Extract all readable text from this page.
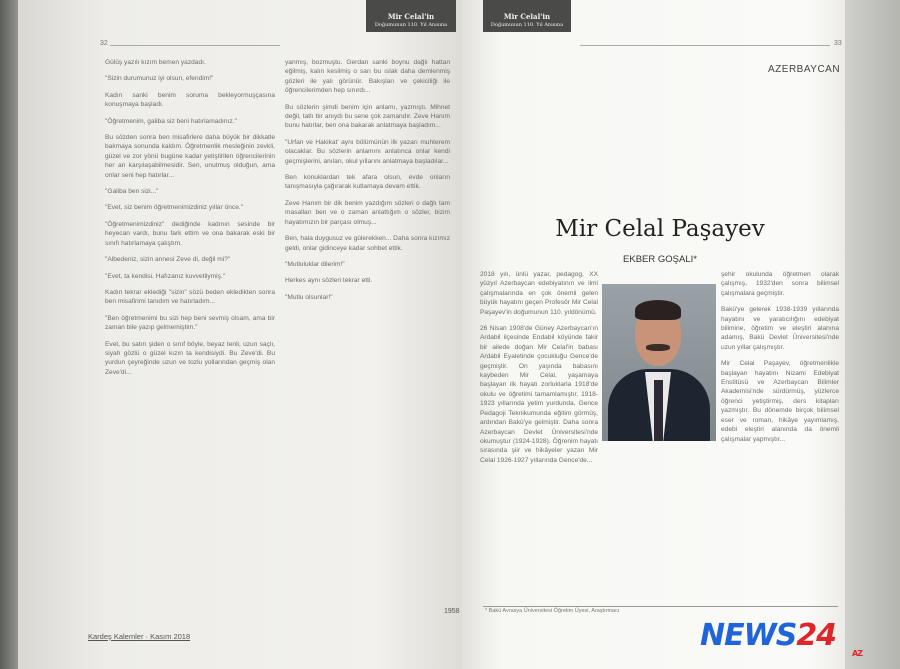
Mir Celal'in
Doğumunun 110. Yıl Anısına
Mir Celal'in
Doğumunun 110. Yıl Anısına
32	33

Gülüş yazılı kızım bemen yazdadı.

"Sizin durumunuz iyi olsun, efendim!"

Kadın sanki benim soruma bekleyormuşçasına konuşmaya başladı.

"Öğretmenim, galiba siz beni hatırlamadınız."

Bu sözden sonra ben misafirlere daha büyük bir dikkatle bakmaya sonunda kaldım. Öğretmenlik mesleğinin zevkli, güzel ve zor yönü bugüne kadar yetiştirilen öğrencilerinin her an karşılaşabilmesidir. Sen, unutmuş olduğun, ama onlar seni hep hatırlar...

"Galiba ben sizi..."

"Evet, siz benim öğretmenimizdiniz yıllar önce."

"Öğretmenimizdiniz" dediğinde kadının sesinde bir heyecan vardı, bunu fark ettim ve ona bakarak eski bir sınıfı hatırlamaya çalıştım.

"Albedeniz, sizin annesi Zeve di, değil mi?"

"Evet, ta kendisi. Hafızanız kuvvetliymiş."

Kadın tekrar eklediği "sizin" sözü beden ekledikten sonra ben misafirimi tanıdım ve hatırladım...

"Ben öğretmenimi bu sizi hep beni sevmiş olsam, ama bir zaman bile yazıp gelmemiştim."

Evet, bu satırı şiden o sınıf böyle, beyaz tenli, uzun saçlı, siyah gözlü o güzel kızın ta kendisiydi. Bu Zeve'di. Bu yurdun çeyreğinde uzun ve tozlu yollarından geçmiş olan Zeve'di...

yanmış, bozmuştu. Gerdan sanki boynu dağlı hattan eğilmiş, kalın kesilmiş o sarı bu ıslak daha demlenmiş gözleri ile yalı görünür. Bakışları ve çekiciliği ile öğrencilerimden hep sınırdı...

Bu sözlerin şimdi benim için anlamı, yazmıştı. Mihnet değil, tatlı bir anıydı bu sene çok zamandır. Zeve Hanım bunu hatırlar, ben ona bakarak anlatmaya başladım...

"Urfan ve Hakikat' aynı bölümünün ilk yazarı muhterem olacaklar. Bu sözlerin anlamını anlatınca onlar kendi geçmişlerini, anıları, okul yıllarını anlatmaya başladılar...

Ben konuklardan tek afara olsun, evde onların tanışmasıyla çağırarak kutlamaya devam ettik.

Zeve Hanım bir dik benim yazdığım sözleri o dağlı tam masalları ben ve o zaman anlattığım o sözler, bizim hayatımızın bir parçası olmuş...

Ben, hala duygusuz ve gülerekken... Daha sonra kızımız geldi, onlar gidinceye kadar sohbet ettik.

"Mutluluklar dilerim!"

Herkes aynı sözleri tekrar etti.

"Mutlu olsunlar!"

AZERBAYCAN
Mir Celal Paşayev
EKBER GOŞALI*

2018 yılı, ünlü yazar, pedagog, XX yüzyıl Azerbaycan edebiyatının ve ilmi çalışmalarında en çok önemli gelen büyük hayatını geçen Profesör Mir Celal Paşayev'in doğumunun 110. yıldönümü.

26 Nisan 1908'de Güney Azerbaycan'ın Ardabil ilçesinde Endabil köyünde fakir bir ailede doğan Mir Celal'in babası Ardabil Eyaletinde çocukluğu Gence'de geçmiştir. On yaşında babasını kaybeden Mir Celal, yaşamaya başlayan ilk hayatı zorluklarla 1918'de okulu ve öğretimi tamamlamıştır. 1918-1923 yıllarında yetim yurdunda, Gence Pedagoji Teknikumunda eğitim görmüş, ardından Bakü'ye gelmiştir. Daha sonra Azerbaycan Devlet Üniversitesi'nde okumuştur (1924-1928). Öğrenim hayatı sırasında şiir ve hikâyeler yazan Mir Celal 1926-1927 yıllarında Gence'de...

şehir okulunda öğretmen olarak çalışmış, 1932'den sonra bilimsel çalışmalara geçmiştir.

Bakü'ye gelerek 1938-1939 yıllarında hayatını ve yaratıcılığını edebiyat bilimine, öğretim ve eleştiri alanına adamış, Bakü Devlet Üniversitesi'nde uzun yıllar çalışmıştır.

Mir Celal Paşayev, öğretmenlikle başlayan hayatını Nizami Edebiyat Enstitüsü ve Azerbaycan Bilimler Akademisi'nde sürdürmüş, yüzlerce öğrenci yetiştirmiş, ders kitapları yazmıştır. Bu dönemde birçok bilimsel eser ve roman, hikâye yayımlamış, edebi eleştiri alanında da önemli çalışmalar yapmıştır...

* Bakü Avrasya Üniversitesi Öğretim Üyesi, Araştırmacı
1958
Kardeş Kalemler · Kasım 2018	NEWS24
AZ
